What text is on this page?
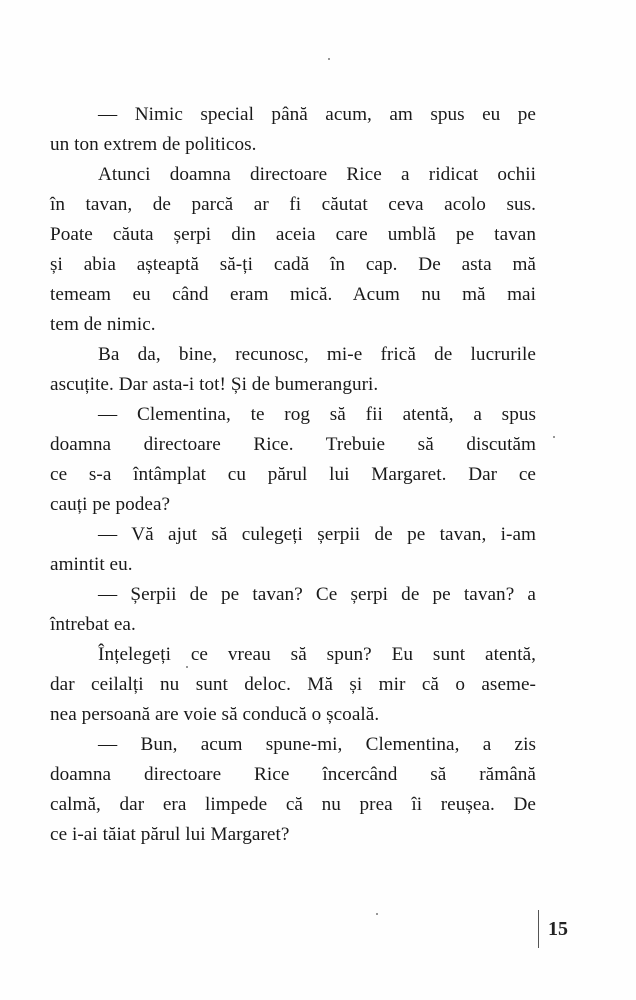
— Nimic special până acum, am spus eu pe
un ton extrem de politicos.
Atunci doamna directoare Rice a ridicat ochii
în tavan, de parcă ar fi căutat ceva acolo sus.
Poate căuta șerpi din aceia care umblă pe tavan
și abia așteaptă să-ți cadă în cap. De asta mă
temeam eu când eram mică. Acum nu mă mai
tem de nimic.
Ba da, bine, recunosc, mi-e frică de lucrurile
ascuțite. Dar asta-i tot! Și de bumeranguri.
— Clementina, te rog să fii atentă, a spus
doamna directoare Rice. Trebuie să discutăm
ce s-a întâmplat cu părul lui Margaret. Dar ce
cauți pe podea?
— Vă ajut să culegeți șerpii de pe tavan, i-am
amintit eu.
— Șerpii de pe tavan? Ce șerpi de pe tavan? a
întrebat ea.
Înțelegeți ce vreau să spun? Eu sunt atentă,
dar ceilalți nu sunt deloc. Mă și mir că o aseme-
nea persoană are voie să conducă o școală.
— Bun, acum spune-mi, Clementina, a zis
doamna directoare Rice încercând să rămână
calmă, dar era limpede că nu prea îi reușea. De
ce i-ai tăiat părul lui Margaret?
15
